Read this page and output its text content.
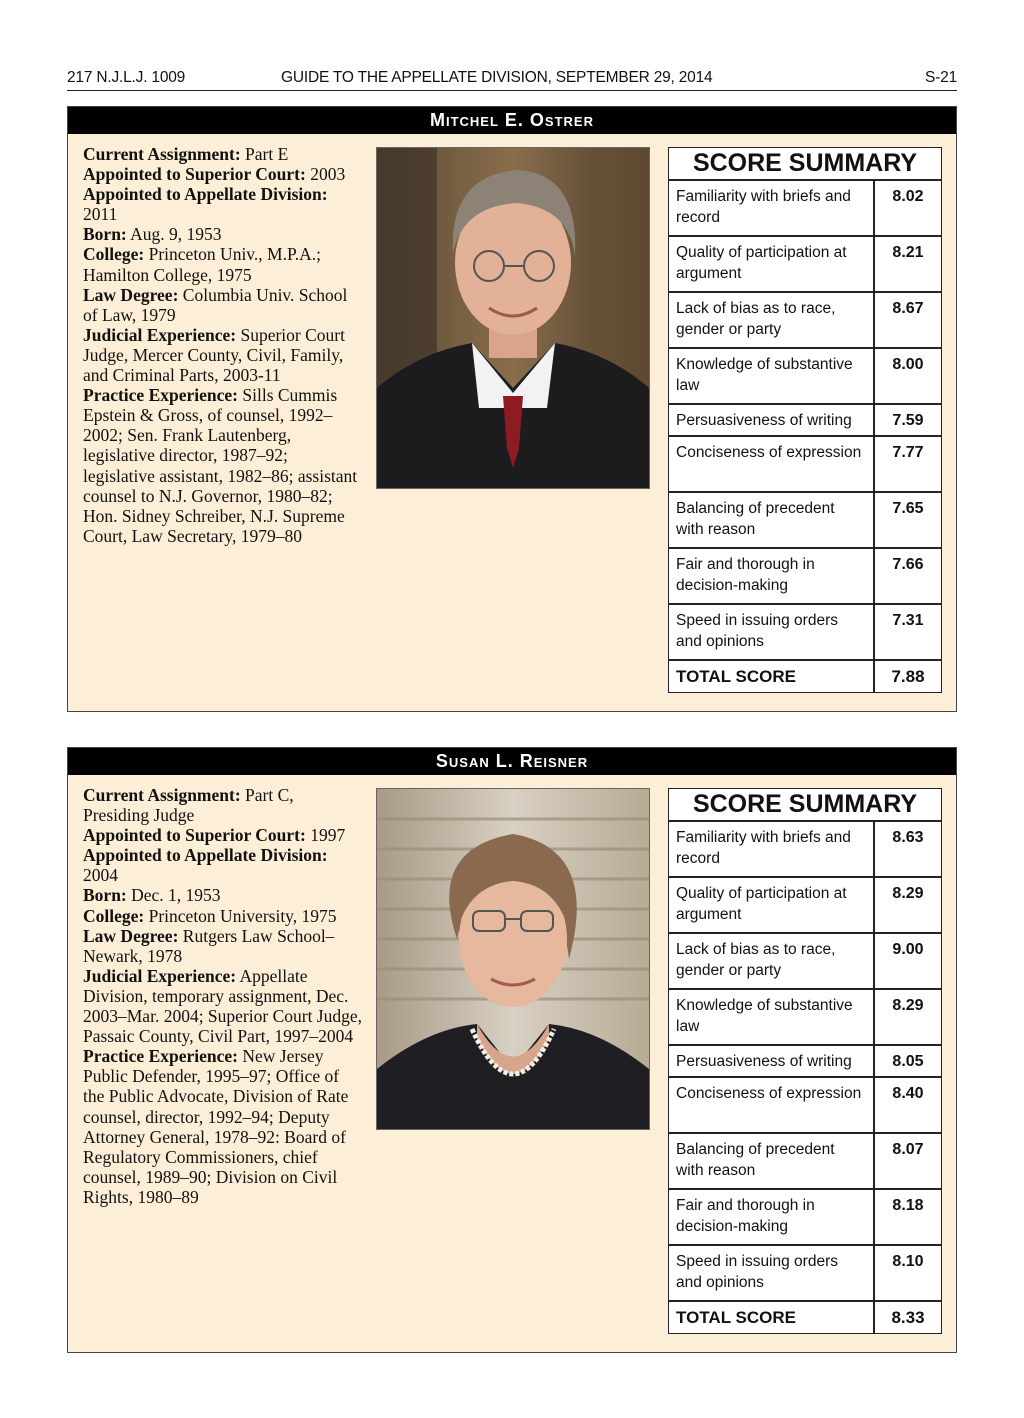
217 N.J.L.J. 1009	GUIDE TO THE APPELLATE DIVISION, SEPTEMBER 29, 2014	S-21
Mitchel E. Ostrer
Current Assignment: Part E
Appointed to Superior Court: 2003
Appointed to Appellate Division: 2011
Born: Aug. 9, 1953
College: Princeton Univ., M.P.A.; Hamilton College, 1975
Law Degree: Columbia Univ. School of Law, 1979
Judicial Experience: Superior Court Judge, Mercer County, Civil, Family, and Criminal Parts, 2003-11
Practice Experience: Sills Cummis Epstein & Gross, of counsel, 1992–2002; Sen. Frank Lautenberg, legislative director, 1987–92; legislative assistant, 1982–86; assistant counsel to N.J. Governor, 1980–82; Hon. Sidney Schreiber, N.J. Supreme Court, Law Secretary, 1979–80
SCORE SUMMARY
Familiarity with briefs and record
8.02
Quality of participation at argument
8.21
Lack of bias as to race, gender or party
8.67
Knowledge of substantive law
8.00
Persuasiveness of writing	7.59
Conciseness of expression	7.77
Balancing of precedent with reason
7.65
Fair and thorough in decision-making
7.66
Speed in issuing orders and opinions
7.31
TOTAL SCORE	7.88
Susan L. Reisner
Current Assignment: Part C, Presiding Judge
Appointed to Superior Court: 1997
Appointed to Appellate Division: 2004
Born: Dec. 1, 1953
College: Princeton University, 1975
Law Degree: Rutgers Law School–Newark, 1978
Judicial Experience: Appellate Division, temporary assignment, Dec. 2003–Mar. 2004; Superior Court Judge, Passaic County, Civil Part, 1997–2004
Practice Experience: New Jersey Public Defender, 1995–97; Office of the Public Advocate, Division of Rate counsel, director, 1992–94; Deputy Attorney General, 1978–92: Board of Regulatory Commissioners, chief counsel, 1989–90; Division on Civil Rights, 1980–89
SCORE SUMMARY
Familiarity with briefs and record
8.63
Quality of participation at argument
8.29
Lack of bias as to race, gender or party
9.00
Knowledge of substantive law
8.29
Persuasiveness of writing	8.05
Conciseness of expression	8.40
Balancing of precedent with reason
8.07
Fair and thorough in decision-making
8.18
Speed in issuing orders and opinions
8.10
TOTAL SCORE	8.33
